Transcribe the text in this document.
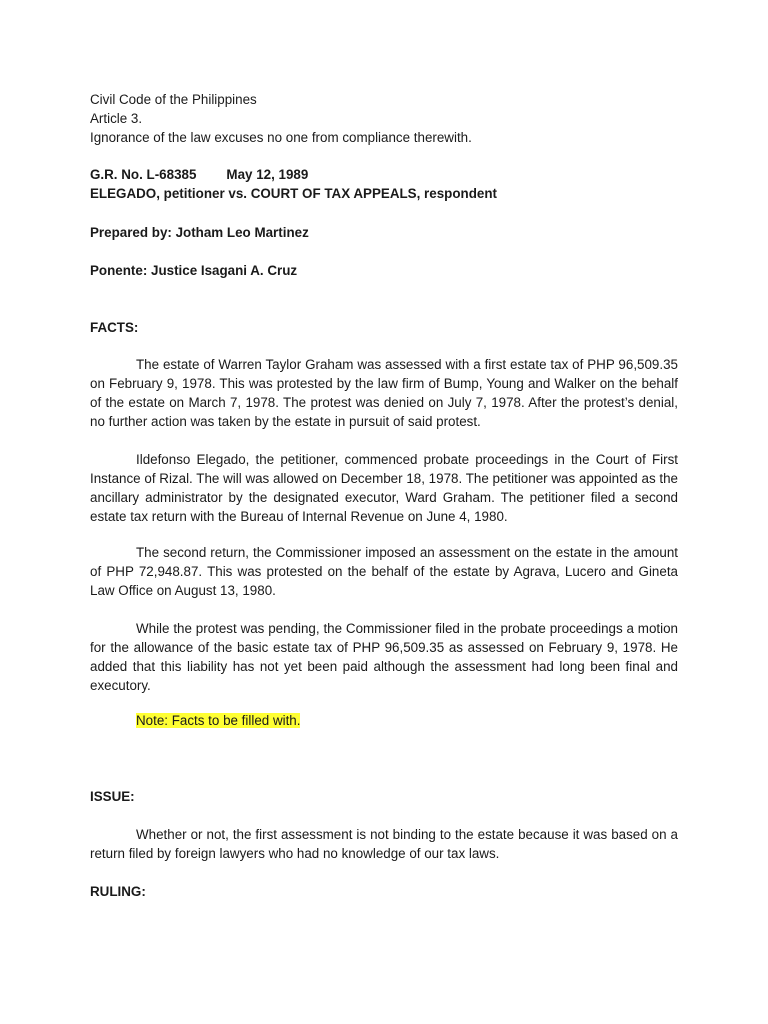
Civil Code of the Philippines

Article 3.

Ignorance of the law excuses no one from compliance therewith.

G.R. No. L-68385 May 12, 1989

ELEGADO, petitioner vs. COURT OF TAX APPEALS, respondent

Prepared by: Jotham Leo Martinez

Ponente: Justice Isagani A. Cruz

FACTS:

The estate of Warren Taylor Graham was assessed with a first estate tax of PHP 96,509.35 on February 9, 1978. This was protested by the law firm of Bump, Young and Walker on the behalf of the estate on March 7, 1978. The protest was denied on July 7, 1978. After the protest’s denial, no further action was taken by the estate in pursuit of said protest.

Ildefonso Elegado, the petitioner, commenced probate proceedings in the Court of First Instance of Rizal. The will was allowed on December 18, 1978. The petitioner was appointed as the ancillary administrator by the designated executor, Ward Graham. The petitioner filed a second estate tax return with the Bureau of Internal Revenue on June 4, 1980.

The second return, the Commissioner imposed an assessment on the estate in the amount of PHP 72,948.87. This was protested on the behalf of the estate by Agrava, Lucero and Gineta Law Office on August 13, 1980.

While the protest was pending, the Commissioner filed in the probate proceedings a motion for the allowance of the basic estate tax of PHP 96,509.35 as assessed on February 9, 1978. He added that this liability has not yet been paid although the assessment had long been final and executory.

Note: Facts to be filled with.

ISSUE:

Whether or not, the first assessment is not binding to the estate because it was based on a return filed by foreign lawyers who had no knowledge of our tax laws.

RULING:
